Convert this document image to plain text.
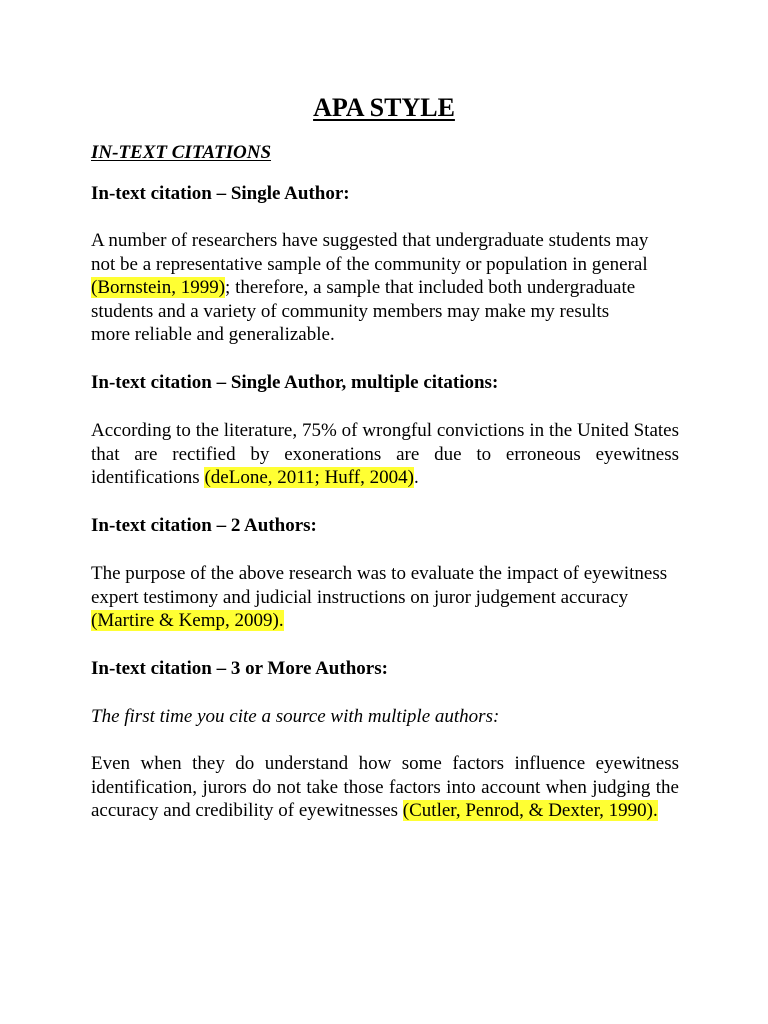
APA STYLE
IN-TEXT CITATIONS
In-text citation – Single Author:

A number of researchers have suggested that undergraduate students may not be a representative sample of the community or population in general (Bornstein, 1999); therefore, a sample that included both undergraduate students and a variety of community members may make my results more reliable and generalizable.

In-text citation – Single Author, multiple citations:

According to the literature, 75% of wrongful convictions in the United States that are rectified by exonerations are due to erroneous eyewitness identifications (deLone, 2011; Huff, 2004).

In-text citation – 2 Authors:

The purpose of the above research was to evaluate the impact of eyewitness expert testimony and judicial instructions on juror judgement accuracy (Martire & Kemp, 2009).

In-text citation – 3 or More Authors:
The first time you cite a source with multiple authors:

Even when they do understand how some factors influence eyewitness identification, jurors do not take those factors into account when judging the accuracy and credibility of eyewitnesses (Cutler, Penrod, & Dexter, 1990).
